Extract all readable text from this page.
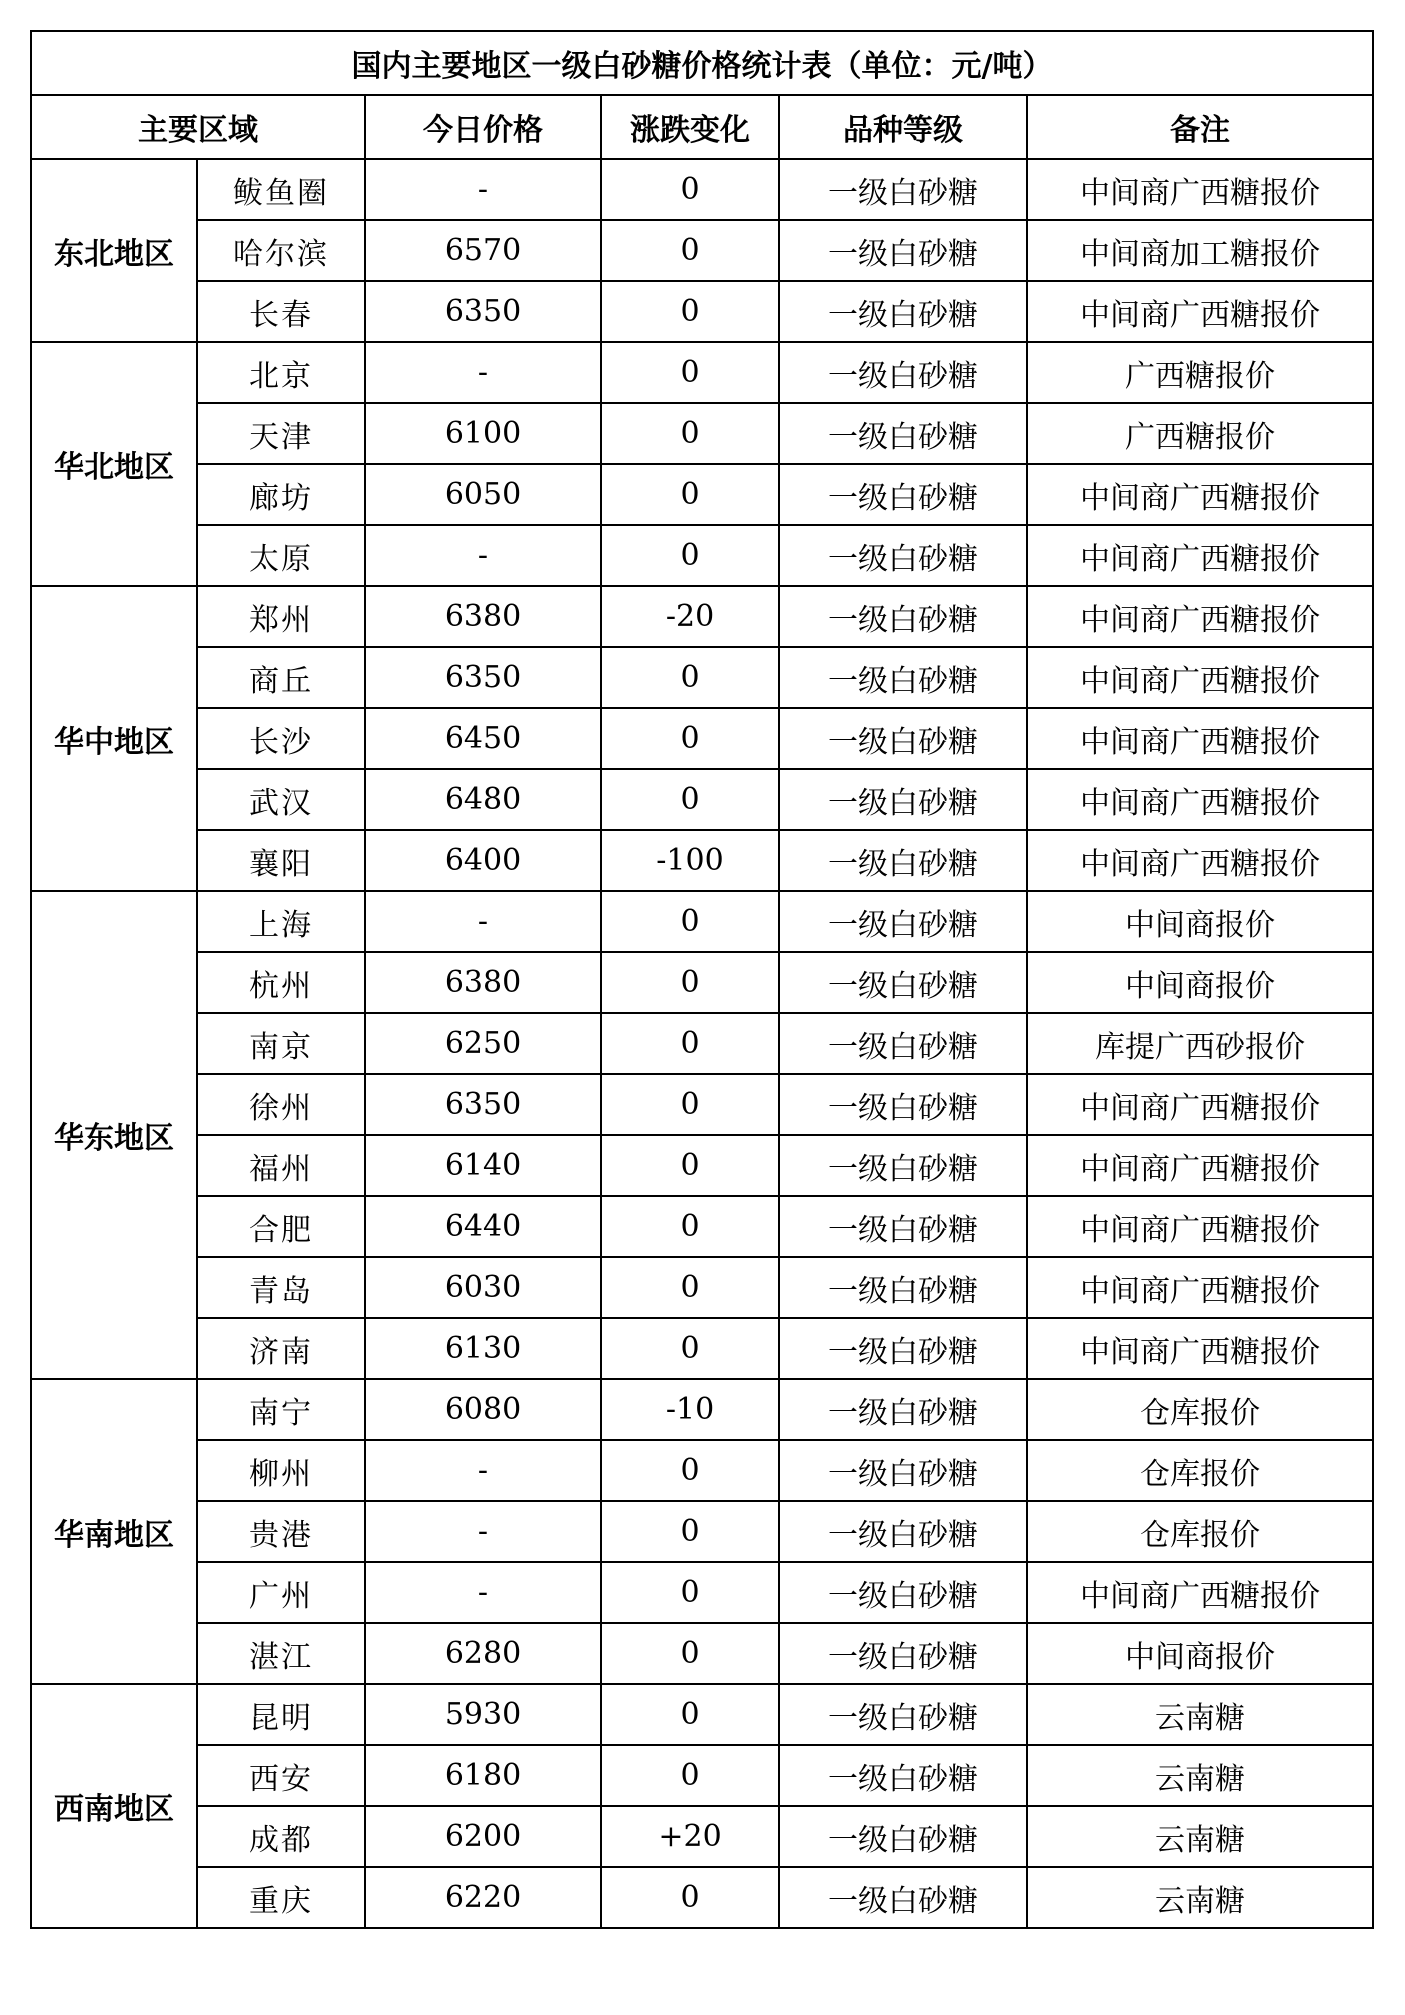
国内主要地区一级白砂糖价格统计表（单位：元/吨）					
主要区域		今日价格	涨跌变化	品种等级	备注
东北地区	鲅鱼圈	-	0	一级白砂糖	中间商广西糖报价
	哈尔滨	6570	0	一级白砂糖	中间商加工糖报价
	长春	6350	0	一级白砂糖	中间商广西糖报价
华北地区	北京	-	0	一级白砂糖	广西糖报价
	天津	6100	0	一级白砂糖	广西糖报价
	廊坊	6050	0	一级白砂糖	中间商广西糖报价
	太原	-	0	一级白砂糖	中间商广西糖报价
华中地区	郑州	6380	-20	一级白砂糖	中间商广西糖报价
	商丘	6350	0	一级白砂糖	中间商广西糖报价
	长沙	6450	0	一级白砂糖	中间商广西糖报价
	武汉	6480	0	一级白砂糖	中间商广西糖报价
	襄阳	6400	-100	一级白砂糖	中间商广西糖报价
华东地区	上海	-	0	一级白砂糖	中间商报价
	杭州	6380	0	一级白砂糖	中间商报价
	南京	6250	0	一级白砂糖	库提广西砂报价
	徐州	6350	0	一级白砂糖	中间商广西糖报价
	福州	6140	0	一级白砂糖	中间商广西糖报价
	合肥	6440	0	一级白砂糖	中间商广西糖报价
	青岛	6030	0	一级白砂糖	中间商广西糖报价
	济南	6130	0	一级白砂糖	中间商广西糖报价
华南地区	南宁	6080	-10	一级白砂糖	仓库报价
	柳州	-	0	一级白砂糖	仓库报价
	贵港	-	0	一级白砂糖	仓库报价
	广州	-	0	一级白砂糖	中间商广西糖报价
	湛江	6280	0	一级白砂糖	中间商报价
西南地区	昆明	5930	0	一级白砂糖	云南糖
	西安	6180	0	一级白砂糖	云南糖
	成都	6200	+20	一级白砂糖	云南糖
	重庆	6220	0	一级白砂糖	云南糖
